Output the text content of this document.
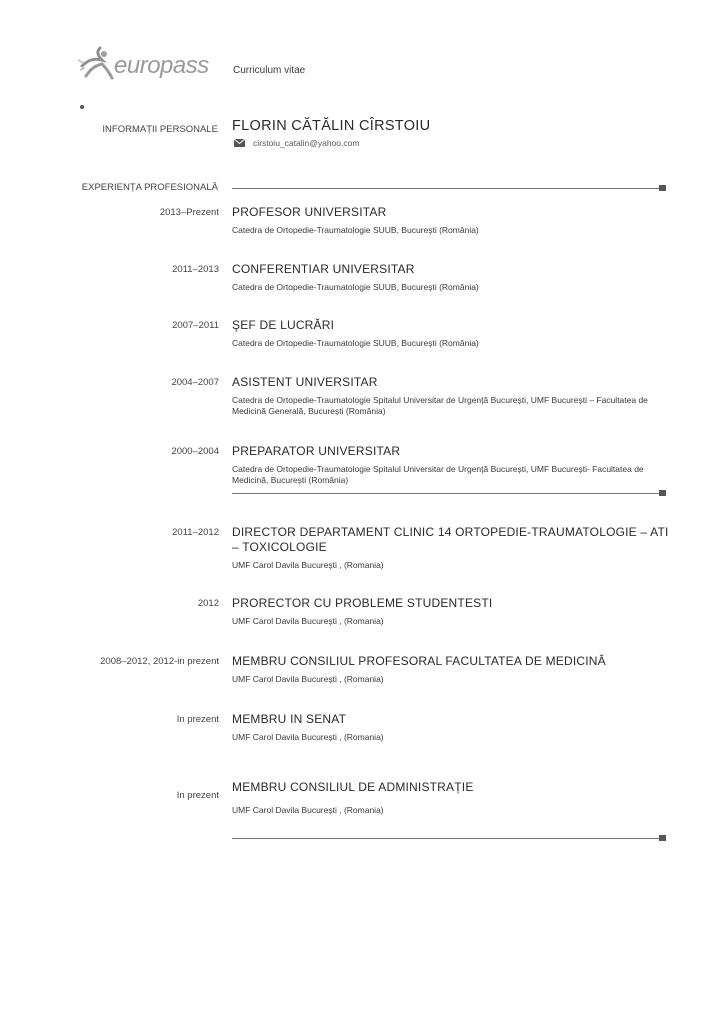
europass Curriculum vitae
INFORMAȚII PERSONALE FLORIN CĂTĂLIN CÎRSTOIU
cirstoiu_catalin@yahoo.com
EXPERIENȚA PROFESIONALĂ
2013–Prezent PROFESOR UNIVERSITAR
Catedra de Ortopedie-Traumatologie SUUB, București (România)
2011–2013 CONFERENTIAR UNIVERSITAR
Catedra de Ortopedie-Traumatologie SUUB, București (România)
2007–2011 ŞEF DE LUCRĂRI
Catedra de Ortopedie-Traumatologie SUUB, București (România)
2004–2007 ASISTENT UNIVERSITAR
Catedra de Ortopedie-Traumatologie Spitalul Universitar de Urgență București, UMF București – Facultatea de Medicină Generală, București (România)
2000–2004 PREPARATOR UNIVERSITAR
Catedra de Ortopedie-Traumatologie Spitalul Universitar de Urgență București, UMF București- Facultatea de Medicină, București (România)
2011–2012 DIRECTOR DEPARTAMENT CLINIC 14 ORTOPEDIE-TRAUMATOLOGIE – ATI – TOXICOLOGIE
UMF Carol Davila București , (Romania)
2012 PRORECTOR CU PROBLEME STUDENTESTI
UMF Carol Davila București , (Romania)
2008–2012, 2012-in prezent MEMBRU CONSILIUL PROFESORAL FACULTATEA DE MEDICINĂ
UMF Carol Davila București , (Romania)
In prezent MEMBRU IN SENAT
UMF Carol Davila București , (Romania)
In prezent
MEMBRU CONSILIUL DE ADMINISTRAȚIE
UMF Carol Davila București , (Romania)
